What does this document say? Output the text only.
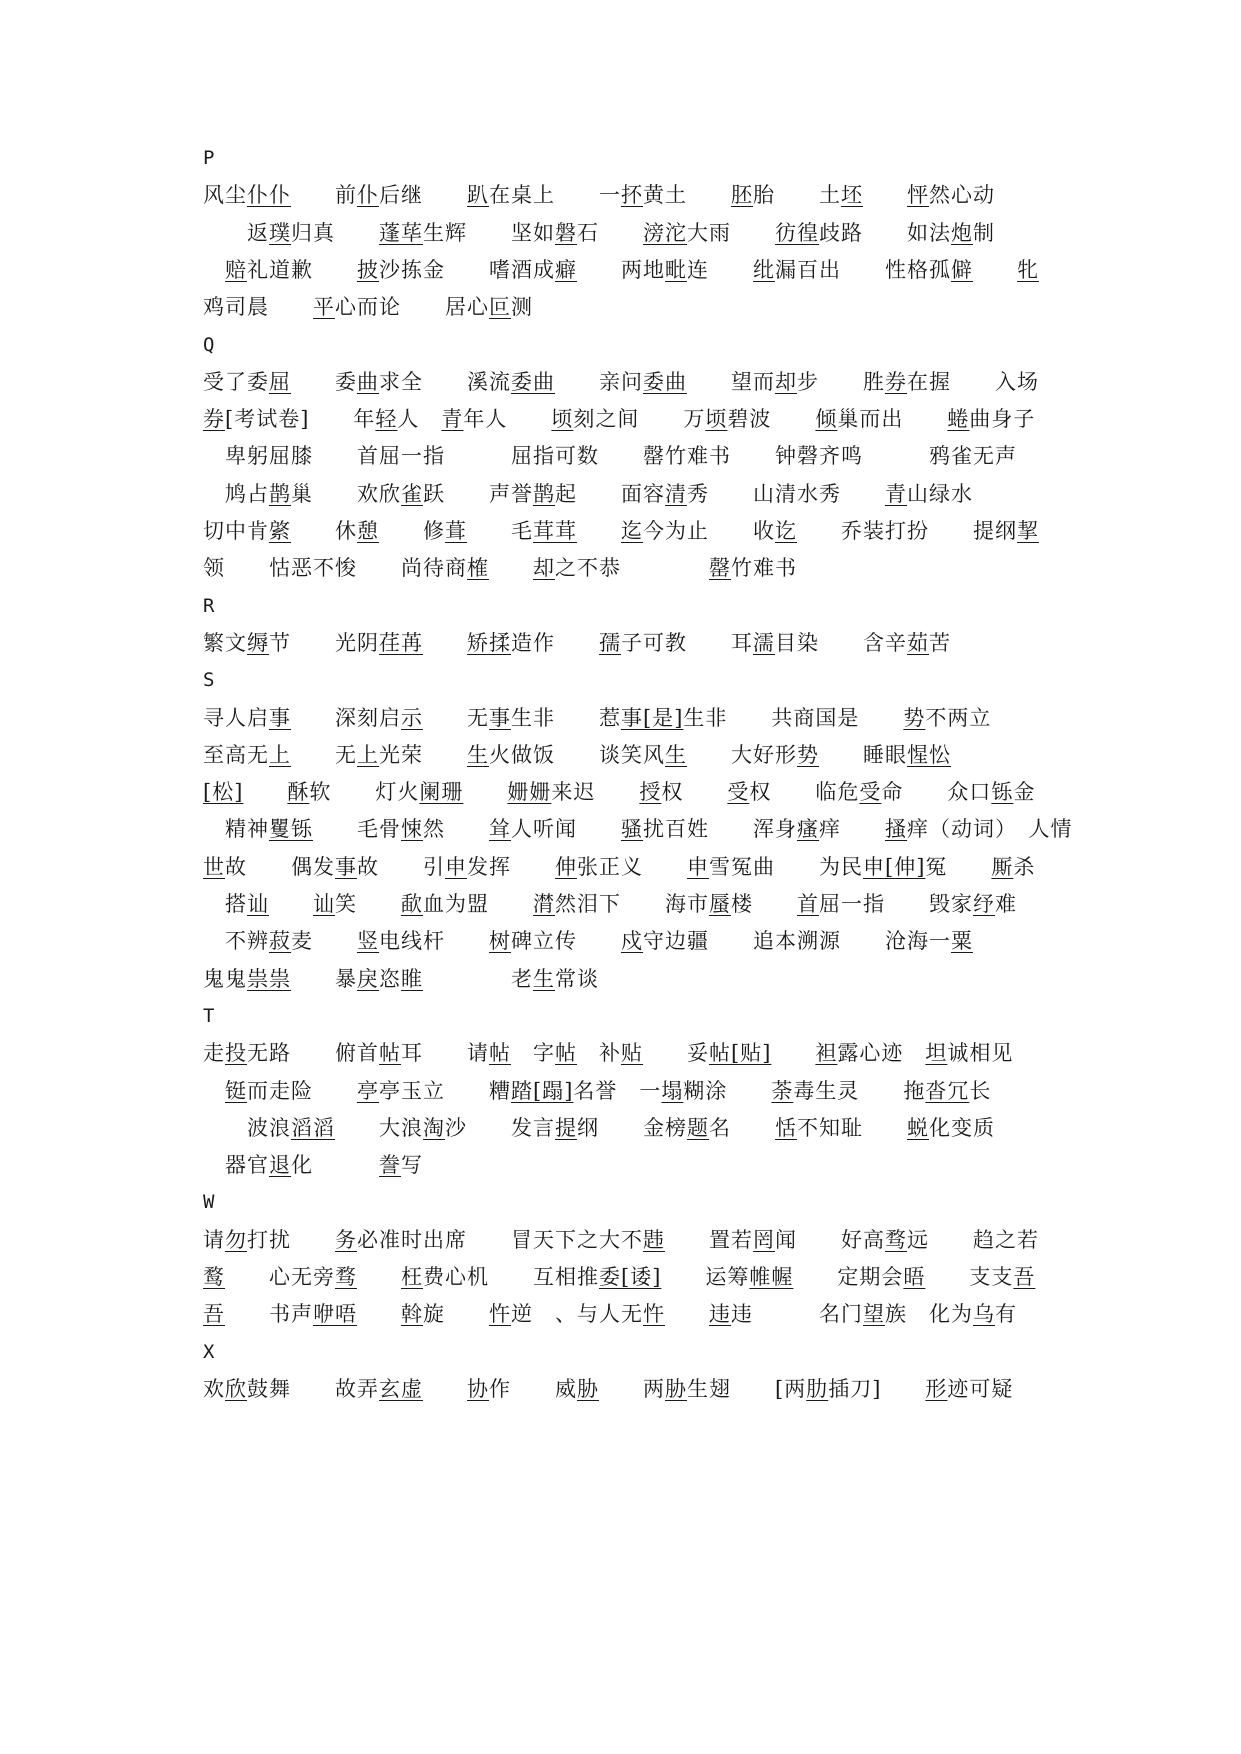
P
风尘仆仆　　前仆后继　　趴在桌上　　一抔黄土　　胚胎　　土坯　　 怦然心动
　　返璞归真　　蓬荜生辉　　坚如磐石　　滂沱大雨　　彷徨歧路　　如法炮制
　赔礼道歉　　披沙拣金　　嗜酒成癖　　两地毗连　　纰漏百出　　性格孤僻　　 牝
鸡司晨　　平心而论　　居心叵测
Q
受了委屈　　委曲求全　　溪流委曲　　亲问委曲　　望而却步　　胜券在握　　入场
券[考试卷]　　年轻人　青年人　　顷刻之间　　万顷碧波　　倾巢而出　　蜷曲身子
　卑躬屈膝　　首屈一指　　　屈指可数　　罄竹难书　　钟磬齐鸣　　　鸦雀无声
　鸠占鹊巢　　欢欣雀跃　　声誉鹊起　　面容清秀　　山清水秀　　青山绿水
切中肯綮　　休憩　　修葺　　毛茸茸　　 迄今为止　　收讫　　乔装打扮　　提纲挈
领　　怙恶不悛　　尚待商榷　　 却之不恭　　　　罄竹难书
R
繁文缛节　　光阴荏苒　　 矫揉造作　　孺子可教　　耳濡目染　　含辛茹苦
S
寻人启事　　深刻启示　　无事生非　　惹事[是]生非　　共商国是　　势不两立
至高无上　　无上光荣　　生火做饭　　谈笑风生　　大好形势　　睡眼惺忪
[松]　　 酥软　　灯火阑珊　　 姗姗来迟　　授权　　受权　　临危受命　　众口铄金
　精神矍铄　　毛骨悚然　　耸人听闻　　骚扰百姓　　浑身瘙痒　　搔痒（动词）　人情
世故　　偶发事故　　引申发挥　　伸张正义　　申雪冤曲　　为民申[伸]冤　　厮杀
　搭讪　　 讪笑　　歃血为盟　　潸然泪下　　海市蜃楼　　首屈一指　　毁家纾难
　不辨菽麦　　竖电线杆　　树碑立传　　戍守边疆　　追本溯源　　沧海一粟
鬼鬼祟祟　　暴戾恣睢　　　　老生常谈
T
走投无路　　俯首帖耳　　请帖　字帖　补贴　　妥帖[贴]　　 袒露心迹　坦诚相见
　铤而走险　　亭亭玉立　　糟踏[蹋]名誉　一塌糊涂　　荼毒生灵　　拖沓冗长
　　波浪滔滔　　大浪淘沙　　发言提纲　　金榜题名　　恬不知耻　　蜕化变质
　器官退化　　　誊写
W
请勿打扰　　务必准时出席　　冒天下之大不韪　　置若罔闻　　好高骛远　　趋之若
鹜　　心无旁骛　　 枉费心机　　互相推委[诿]　　运筹帷幄　　定期会晤　　支支吾
吾　　书声咿唔　　 斡旋　　忤逆　、与人无忤　　 违违　　　名门望族　化为乌有
X
欢欣鼓舞　　故弄玄虚　　 协作　　威胁　　两胁生翅　　[两肋插刀]　　形迹可疑
